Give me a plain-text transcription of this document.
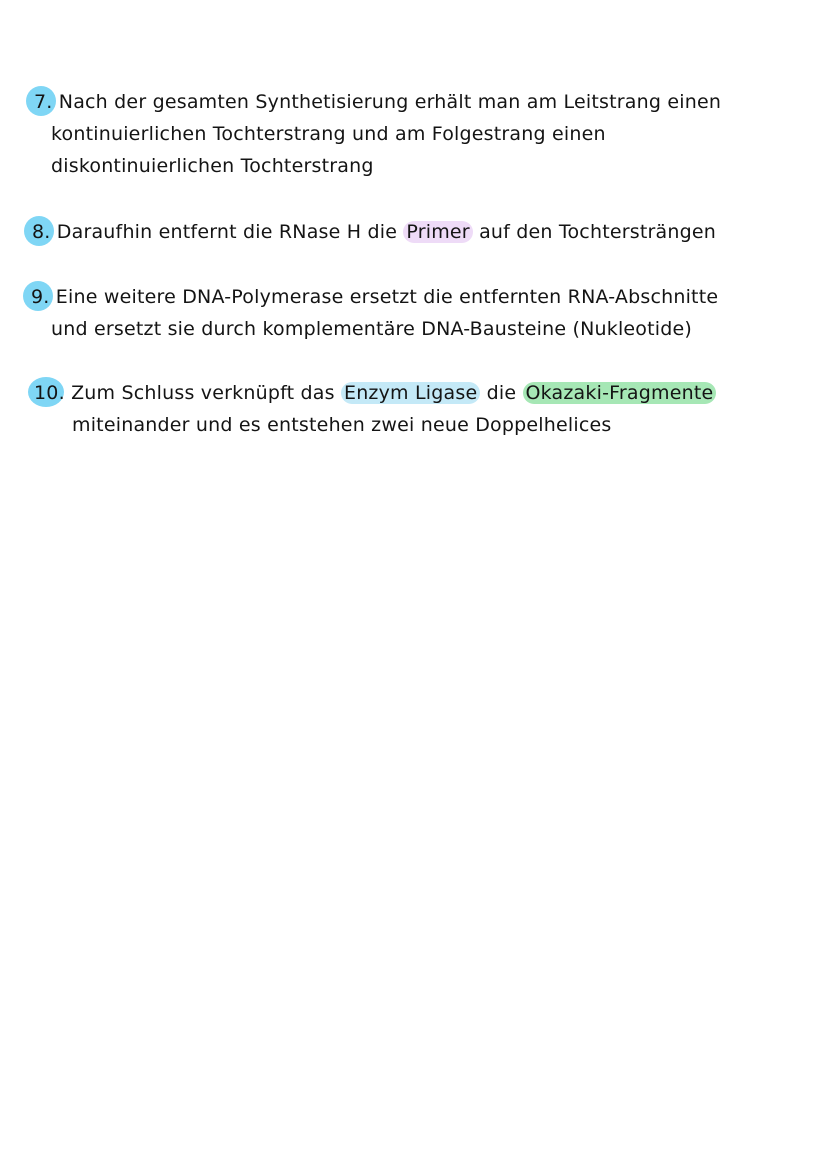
7. Nach der gesamten Synthetisierung erhält man am Leitstrang einen
kontinuierlichen Tochterstrang und am Folgestrang einen
diskontinuierlichen Tochterstrang
8. Daraufhin entfernt die RNase H die Primer auf den Tochtersträngen
9. Eine weitere DNA-Polymerase ersetzt die entfernten RNA-Abschnitte
und ersetzt sie durch komplementäre DNA-Bausteine (Nukleotide)
10. Zum Schluss verknüpft das Enzym Ligase die Okazaki-Fragmente
miteinander und es entstehen zwei neue Doppelhelices
